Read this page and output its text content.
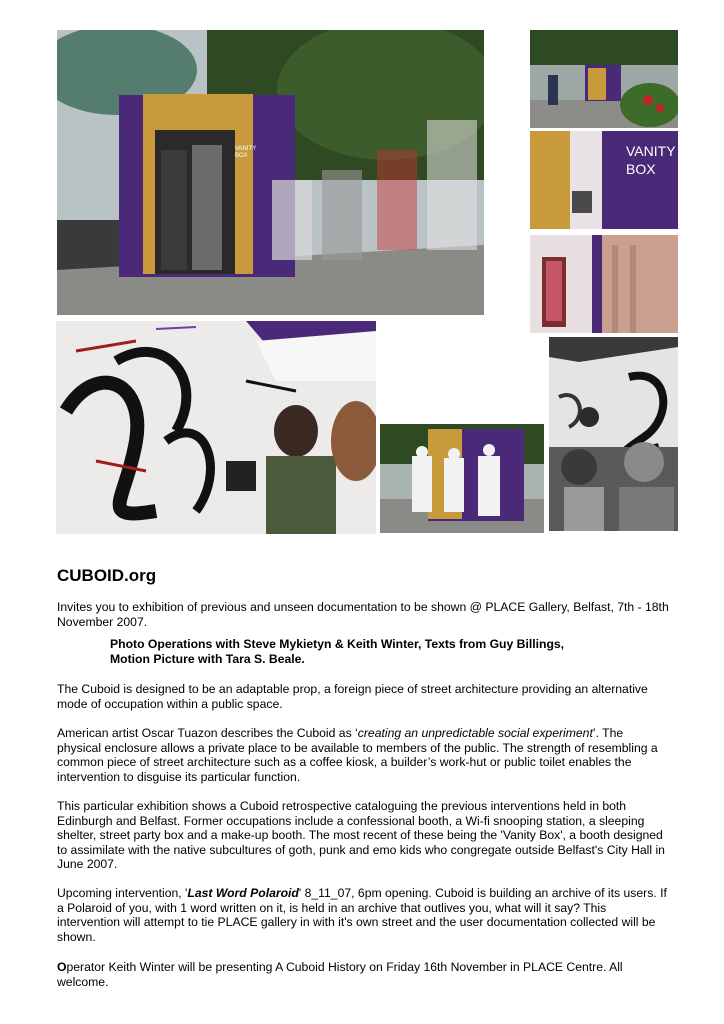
VANITY
BOX	VANITY
BOX
CUBOID.org

Invites you to exhibition of previous and unseen documentation to be shown @ PLACE Gallery, Belfast, 7th - 18th November 2007.

Photo Operations with Steve Mykietyn & Keith Winter, Texts from Guy Billings,

Motion Picture with Tara S. Beale.

The Cuboid is designed to be an adaptable prop, a foreign piece of street architecture providing an alternative mode of occupation within a public space.

American artist Oscar Tuazon describes the Cuboid as ‘creating an unpredictable social experiment’. The physical enclosure allows a private place to be available to members of the public. The strength of resembling a common piece of street architecture such as a coffee kiosk, a builder’s work-hut or public toilet enables the intervention to disguise its particular function.

This particular exhibition shows a Cuboid retrospective cataloguing the previous interventions held in both Edinburgh and Belfast. Former occupations include a confessional booth, a Wi-fi snooping station, a sleeping shelter, street party box and a make-up booth. The most recent of these being the 'Vanity Box', a booth designed to assimilate with the native subcultures of goth, punk and emo kids who congregate outside Belfast's City Hall in June 2007.

Upcoming intervention, 'Last Word Polaroid' 8_11_07, 6pm opening. Cuboid is building an archive of its users. If a Polaroid of you, with 1 word written on it, is held in an archive that outlives you, what will it say? This intervention will attempt to tie PLACE gallery in with it's own street and the user documentation collected will be shown.

Operator Keith Winter will be presenting A Cuboid History on Friday 16th November in PLACE Centre. All welcome.
